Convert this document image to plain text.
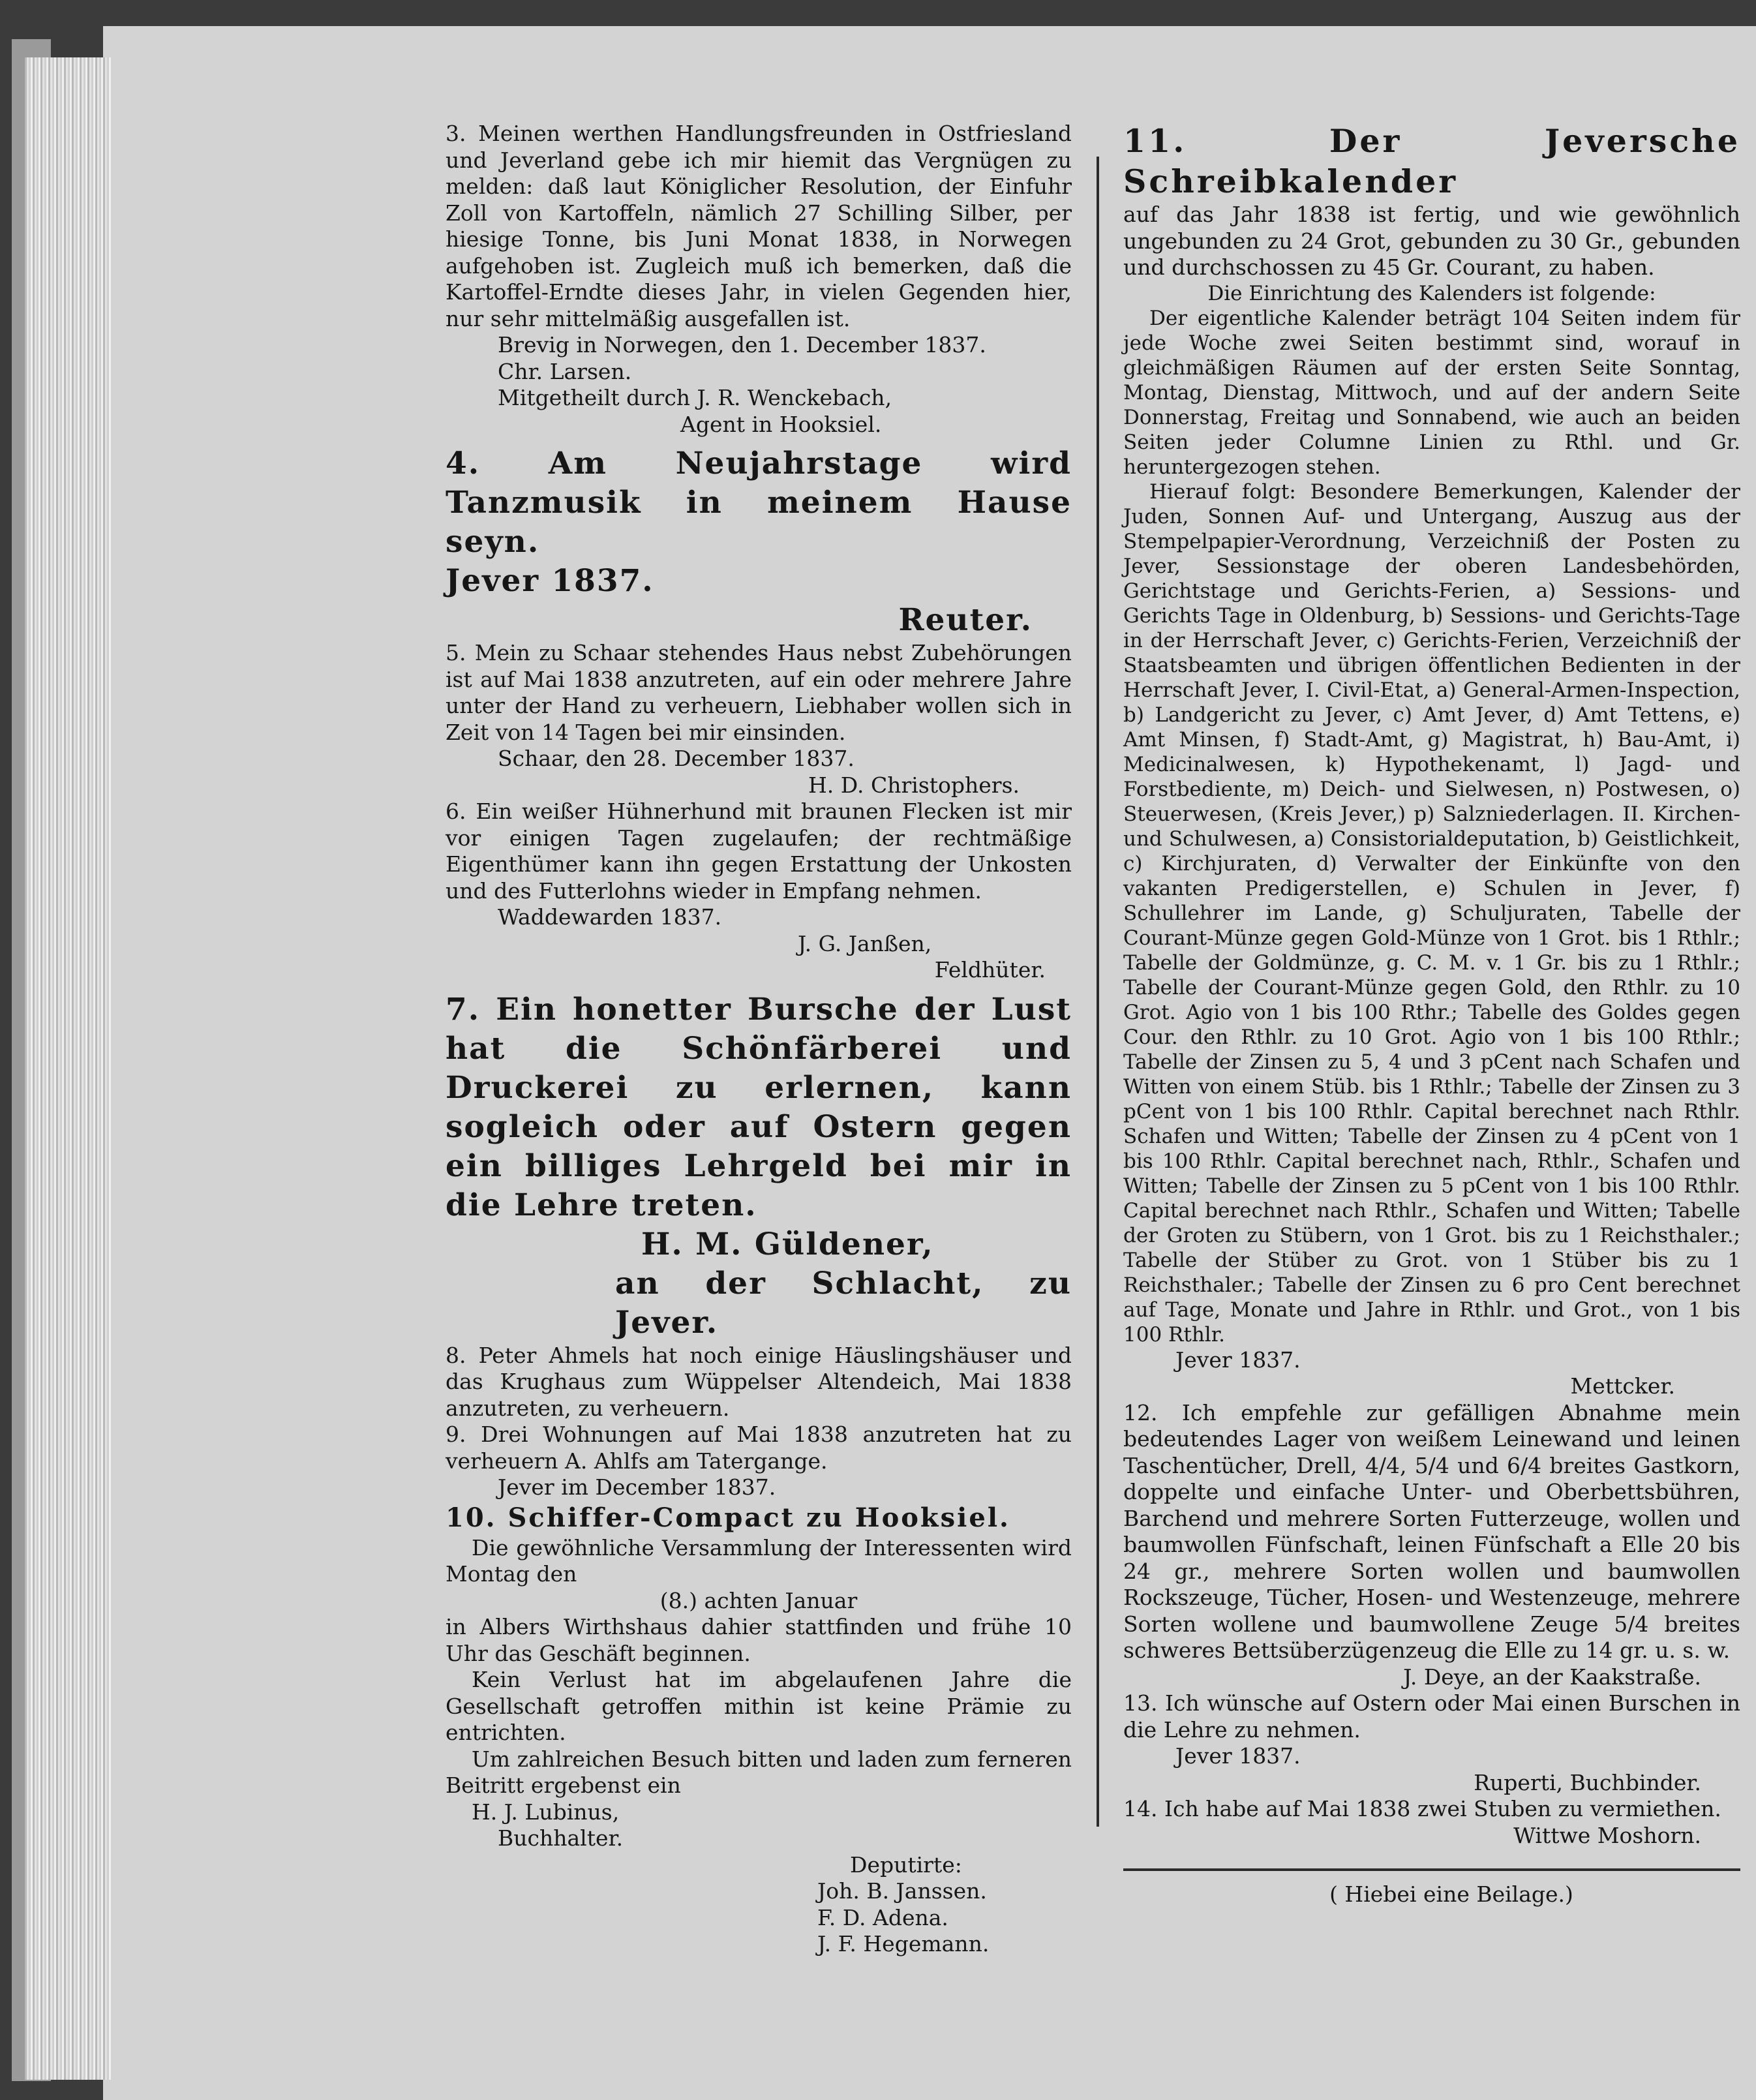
3. Meinen werthen Handlungsfreunden in Ostfriesland und Jeverland gebe ich mir hiemit das Vergnügen zu melden: daß laut Königlicher Resolution, der Einfuhr Zoll von Kartoffeln, nämlich 27 Schilling Silber, per hiesige Tonne, bis Juni Monat 1838, in Norwegen aufgehoben ist. Zugleich muß ich bemerken, daß die Kartoffel-Erndte dieses Jahr, in vielen Gegenden hier, nur sehr mittelmäßig ausgefallen ist.

Brevig in Norwegen, den 1. December 1837.

Chr. Larsen.

Mitgetheilt durch J. R. Wenckebach,

Agent in Hooksiel.

4. Am Neujahrstage wird Tanzmusik in meinem Hause seyn.

Jever 1837.

Reuter.

5. Mein zu Schaar stehendes Haus nebst Zubehörungen ist auf Mai 1838 anzutreten, auf ein oder mehrere Jahre unter der Hand zu verheuern, Liebhaber wollen sich in Zeit von 14 Tagen bei mir einsinden.

Schaar, den 28. December 1837.

H. D. Christophers.

6. Ein weißer Hühnerhund mit braunen Flecken ist mir vor einigen Tagen zugelaufen; der rechtmäßige Eigenthümer kann ihn gegen Erstattung der Unkosten und des Futterlohns wieder in Empfang nehmen.

Waddewarden 1837.

J. G. Janßen,

Feldhüter.

7. Ein honetter Bursche der Lust hat die Schönfärberei und Druckerei zu erlernen, kann sogleich oder auf Ostern gegen ein billiges Lehrgeld bei mir in die Lehre treten.

H. M. Güldener,

an der Schlacht, zu Jever.

8. Peter Ahmels hat noch einige Häuslingshäuser und das Krughaus zum Wüppelser Altendeich, Mai 1838 anzutreten, zu verheuern.

9. Drei Wohnungen auf Mai 1838 anzutreten hat zu verheuern A. Ahlfs am Tatergange.

Jever im December 1837.

10. Schiffer-Compact zu Hooksiel.

Die gewöhnliche Versammlung der Interessenten wird Montag den

(8.) achten Januar

in Albers Wirthshaus dahier stattfinden und frühe 10 Uhr das Geschäft beginnen.

Kein Verlust hat im abgelaufenen Jahre die Gesellschaft getroffen mithin ist keine Prämie zu entrichten.

Um zahlreichen Besuch bitten und laden zum ferneren Beitritt ergebenst ein

H. J. Lubinus,

Buchhalter.

Deputirte:

Joh. B. Janssen.

F. D. Adena.

J. F. Hegemann.

11. Der Jeversche Schreibkalender

auf das Jahr 1838 ist fertig, und wie gewöhnlich ungebunden zu 24 Grot, gebunden zu 30 Gr., gebunden und durchschossen zu 45 Gr. Courant, zu haben.

Die Einrichtung des Kalenders ist folgende:

Der eigentliche Kalender beträgt 104 Seiten indem für jede Woche zwei Seiten bestimmt sind, worauf in gleichmäßigen Räumen auf der ersten Seite Sonntag, Montag, Dienstag, Mittwoch, und auf der andern Seite Donnerstag, Freitag und Sonnabend, wie auch an beiden Seiten jeder Columne Linien zu Rthl. und Gr. heruntergezogen stehen.

Hierauf folgt: Besondere Bemerkungen, Kalender der Juden, Sonnen Auf- und Untergang, Auszug aus der Stempelpapier-Verordnung, Verzeichniß der Posten zu Jever, Sessionstage der oberen Landesbehörden, Gerichtstage und Gerichts-Ferien, a) Sessions- und Gerichts Tage in Oldenburg, b) Sessions- und Gerichts-Tage in der Herrschaft Jever, c) Gerichts-Ferien, Verzeichniß der Staatsbeamten und übrigen öffentlichen Bedienten in der Herrschaft Jever, I. Civil-Etat, a) General-Armen-Inspection, b) Landgericht zu Jever, c) Amt Jever, d) Amt Tettens, e) Amt Minsen, f) Stadt-Amt, g) Magistrat, h) Bau-Amt, i) Medicinalwesen, k) Hypothekenamt, l) Jagd- und Forstbediente, m) Deich- und Sielwesen, n) Postwesen, o) Steuerwesen, (Kreis Jever,) p) Salzniederlagen. II. Kirchen- und Schulwesen, a) Consistorialdeputation, b) Geistlichkeit, c) Kirchjuraten, d) Verwalter der Einkünfte von den vakanten Predigerstellen, e) Schulen in Jever, f) Schullehrer im Lande, g) Schuljuraten, Tabelle der Courant-Münze gegen Gold-Münze von 1 Grot. bis 1 Rthlr.; Tabelle der Goldmünze, g. C. M. v. 1 Gr. bis zu 1 Rthlr.; Tabelle der Courant-Münze gegen Gold, den Rthlr. zu 10 Grot. Agio von 1 bis 100 Rthr.; Tabelle des Goldes gegen Cour. den Rthlr. zu 10 Grot. Agio von 1 bis 100 Rthlr.; Tabelle der Zinsen zu 5, 4 und 3 pCent nach Schafen und Witten von einem Stüb. bis 1 Rthlr.; Tabelle der Zinsen zu 3 pCent von 1 bis 100 Rthlr. Capital berechnet nach Rthlr. Schafen und Witten; Tabelle der Zinsen zu 4 pCent von 1 bis 100 Rthlr. Capital berechnet nach, Rthlr., Schafen und Witten; Tabelle der Zinsen zu 5 pCent von 1 bis 100 Rthlr. Capital berechnet nach Rthlr., Schafen und Witten; Tabelle der Groten zu Stübern, von 1 Grot. bis zu 1 Reichsthaler.; Tabelle der Stüber zu Grot. von 1 Stüber bis zu 1 Reichsthaler.; Tabelle der Zinsen zu 6 pro Cent berechnet auf Tage, Monate und Jahre in Rthlr. und Grot., von 1 bis 100 Rthlr.

Jever 1837.

Mettcker.

12. Ich empfehle zur gefälligen Abnahme mein bedeutendes Lager von weißem Leinewand und leinen Taschentücher, Drell, 4/4, 5/4 und 6/4 breites Gastkorn, doppelte und einfache Unter- und Oberbettsbühren, Barchend und mehrere Sorten Futterzeuge, wollen und baumwollen Fünfschaft, leinen Fünfschaft a Elle 20 bis 24 gr., mehrere Sorten wollen und baumwollen Rockszeuge, Tücher, Hosen- und Westenzeuge, mehrere Sorten wollene und baumwollene Zeuge 5/4 breites schweres Bettsüberzügenzeug die Elle zu 14 gr. u. s. w.

J. Deye, an der Kaakstraße.

13. Ich wünsche auf Ostern oder Mai einen Burschen in die Lehre zu nehmen.

Jever 1837.

Ruperti, Buchbinder.

14. Ich habe auf Mai 1838 zwei Stuben zu vermiethen.

Wittwe Moshorn.

( Hiebei eine Beilage.)
